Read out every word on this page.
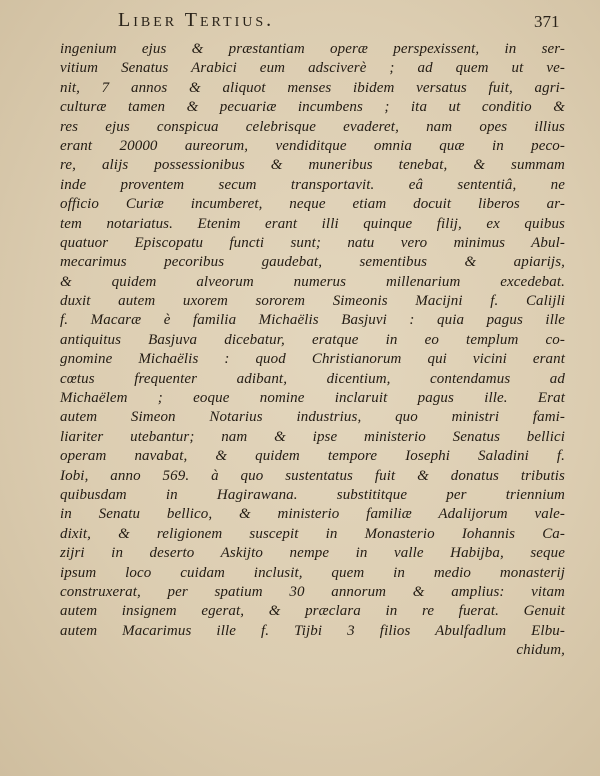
Liber Tertius.	371
ingenium ejus & præstantiam operæ perspexissent, in ser-
vitium Senatus Arabici eum adsciverè ; ad quem ut ve-
nit, 7 annos & aliquot menses ibidem versatus fuit, agri-
culturæ tamen & pecuariæ incumbens ; ita ut conditio &
res ejus conspicua celebrisque evaderet, nam opes illius
erant 20000 aureorum, vendiditque omnia quæ in peco-
re, alijs possessionibus & muneribus tenebat, & summam
inde proventem secum transportavit. eâ sententiâ, ne
officio Curiæ incumberet, neque etiam docuit liberos ar-
tem notariatus. Etenim erant illi quinque filij, ex quibus
quatuor Episcopatu functi sunt; natu vero minimus Abul-
mecarimus pecoribus gaudebat, sementibus & apiarijs,
& quidem alveorum numerus millenarium excedebat.
duxit autem uxorem sororem Simeonis Macijni f. Calijli
f. Macaræ è familia Michaëlis Basjuvi : quia pagus ille
antiquitus Basjuva dicebatur, eratque in eo templum co-
gnomine Michaëlis : quod Christianorum qui vicini erant
cœtus frequenter adibant, dicentium, contendamus ad
Michaëlem ; eoque nomine inclaruit pagus ille. Erat
autem Simeon Notarius industrius, quo ministri fami-
liariter utebantur; nam & ipse ministerio Senatus bellici
operam navabat, & quidem tempore Iosephi Saladini f.
Iobi, anno 569. à quo sustentatus fuit & donatus tributis
quibusdam in Hagirawana. substititque per triennium
in Senatu bellico, & ministerio familiæ Adalijorum vale-
dixit, & religionem suscepit in Monasterio Iohannis Ca-
zijri in deserto Askijto nempe in valle Habijba, seque
ipsum loco cuidam inclusit, quem in medio monasterij
construxerat, per spatium 30 annorum & amplius: vitam
autem insignem egerat, & præclara in re fuerat. Genuit
autem Macarimus ille f. Tijbi 3 filios Abulfadlum Elbu-
chidum,
